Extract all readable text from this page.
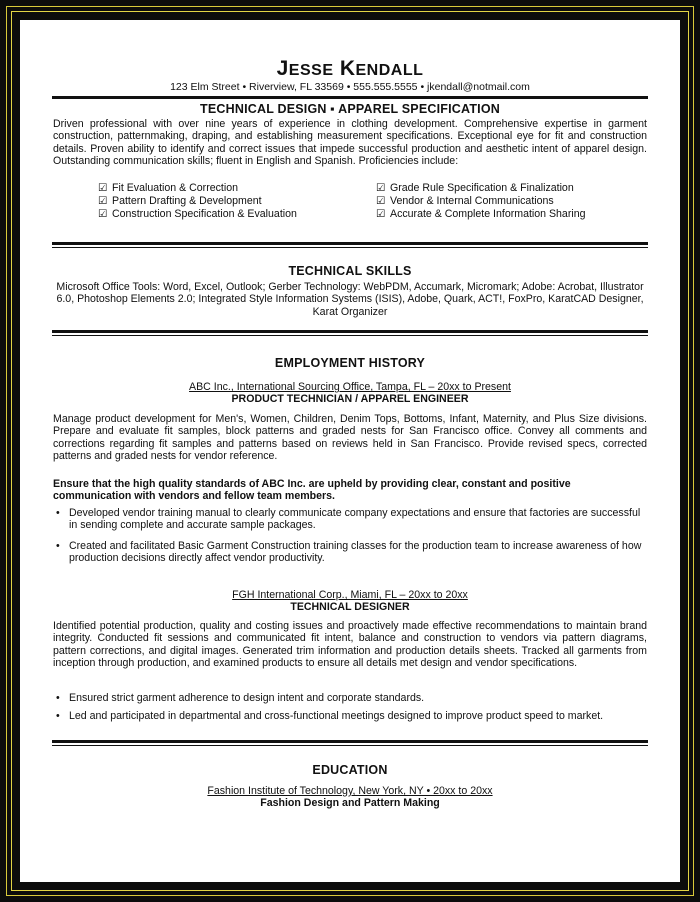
JESSE KENDALL
123 Elm Street • Riverview, FL 33569 • 555.555.5555 • jkendall@notmail.com
TECHNICAL DESIGN ▪ APPAREL SPECIFICATION
Driven professional with over nine years of experience in clothing development. Comprehensive expertise in garment construction, patternmaking, draping, and establishing measurement specifications. Exceptional eye for fit and construction details. Proven ability to identify and correct issues that impede successful production and aesthetic intent of apparel design. Outstanding communication skills; fluent in English and Spanish. Proficiencies include:
☑ Fit Evaluation & Correction
☑ Pattern Drafting & Development
☑ Construction Specification & Evaluation
☑ Grade Rule Specification & Finalization
☑ Vendor & Internal Communications
☑ Accurate & Complete Information Sharing
TECHNICAL SKILLS
Microsoft Office Tools: Word, Excel, Outlook; Gerber Technology: WebPDM, Accumark, Micromark; Adobe: Acrobat, Illustrator 6.0, Photoshop Elements 2.0; Integrated Style Information Systems (ISIS), Adobe, Quark, ACT!, FoxPro, KaratCAD Designer, Karat Organizer
EMPLOYMENT HISTORY
ABC Inc., International Sourcing Office, Tampa, FL – 20xx to Present
PRODUCT TECHNICIAN / APPAREL ENGINEER
Manage product development for Men's, Women, Children, Denim Tops, Bottoms, Infant, Maternity, and Plus Size divisions. Prepare and evaluate fit samples, block patterns and graded nests for San Francisco office. Convey all comments and corrections regarding fit samples and patterns based on reviews held in San Francisco. Provide revised specs, corrected patterns and graded nests for vendor reference.
Ensure that the high quality standards of ABC Inc. are upheld by providing clear, constant and positive communication with vendors and fellow team members.
• Developed vendor training manual to clearly communicate company expectations and ensure that factories are successful in sending complete and accurate sample packages.
• Created and facilitated Basic Garment Construction training classes for the production team to increase awareness of how production decisions directly affect vendor productivity.
FGH International Corp., Miami, FL – 20xx to 20xx
TECHNICAL DESIGNER
Identified potential production, quality and costing issues and proactively made effective recommendations to maintain brand integrity. Conducted fit sessions and communicated fit intent, balance and construction to vendors via pattern diagrams, pattern corrections, and digital images. Generated trim information and production details sheets. Tracked all garments from inception through production, and examined products to ensure all details met design and vendor specifications.
• Ensured strict garment adherence to design intent and corporate standards.
• Led and participated in departmental and cross-functional meetings designed to improve product speed to market.
EDUCATION
Fashion Institute of Technology, New York, NY • 20xx to 20xx
Fashion Design and Pattern Making
